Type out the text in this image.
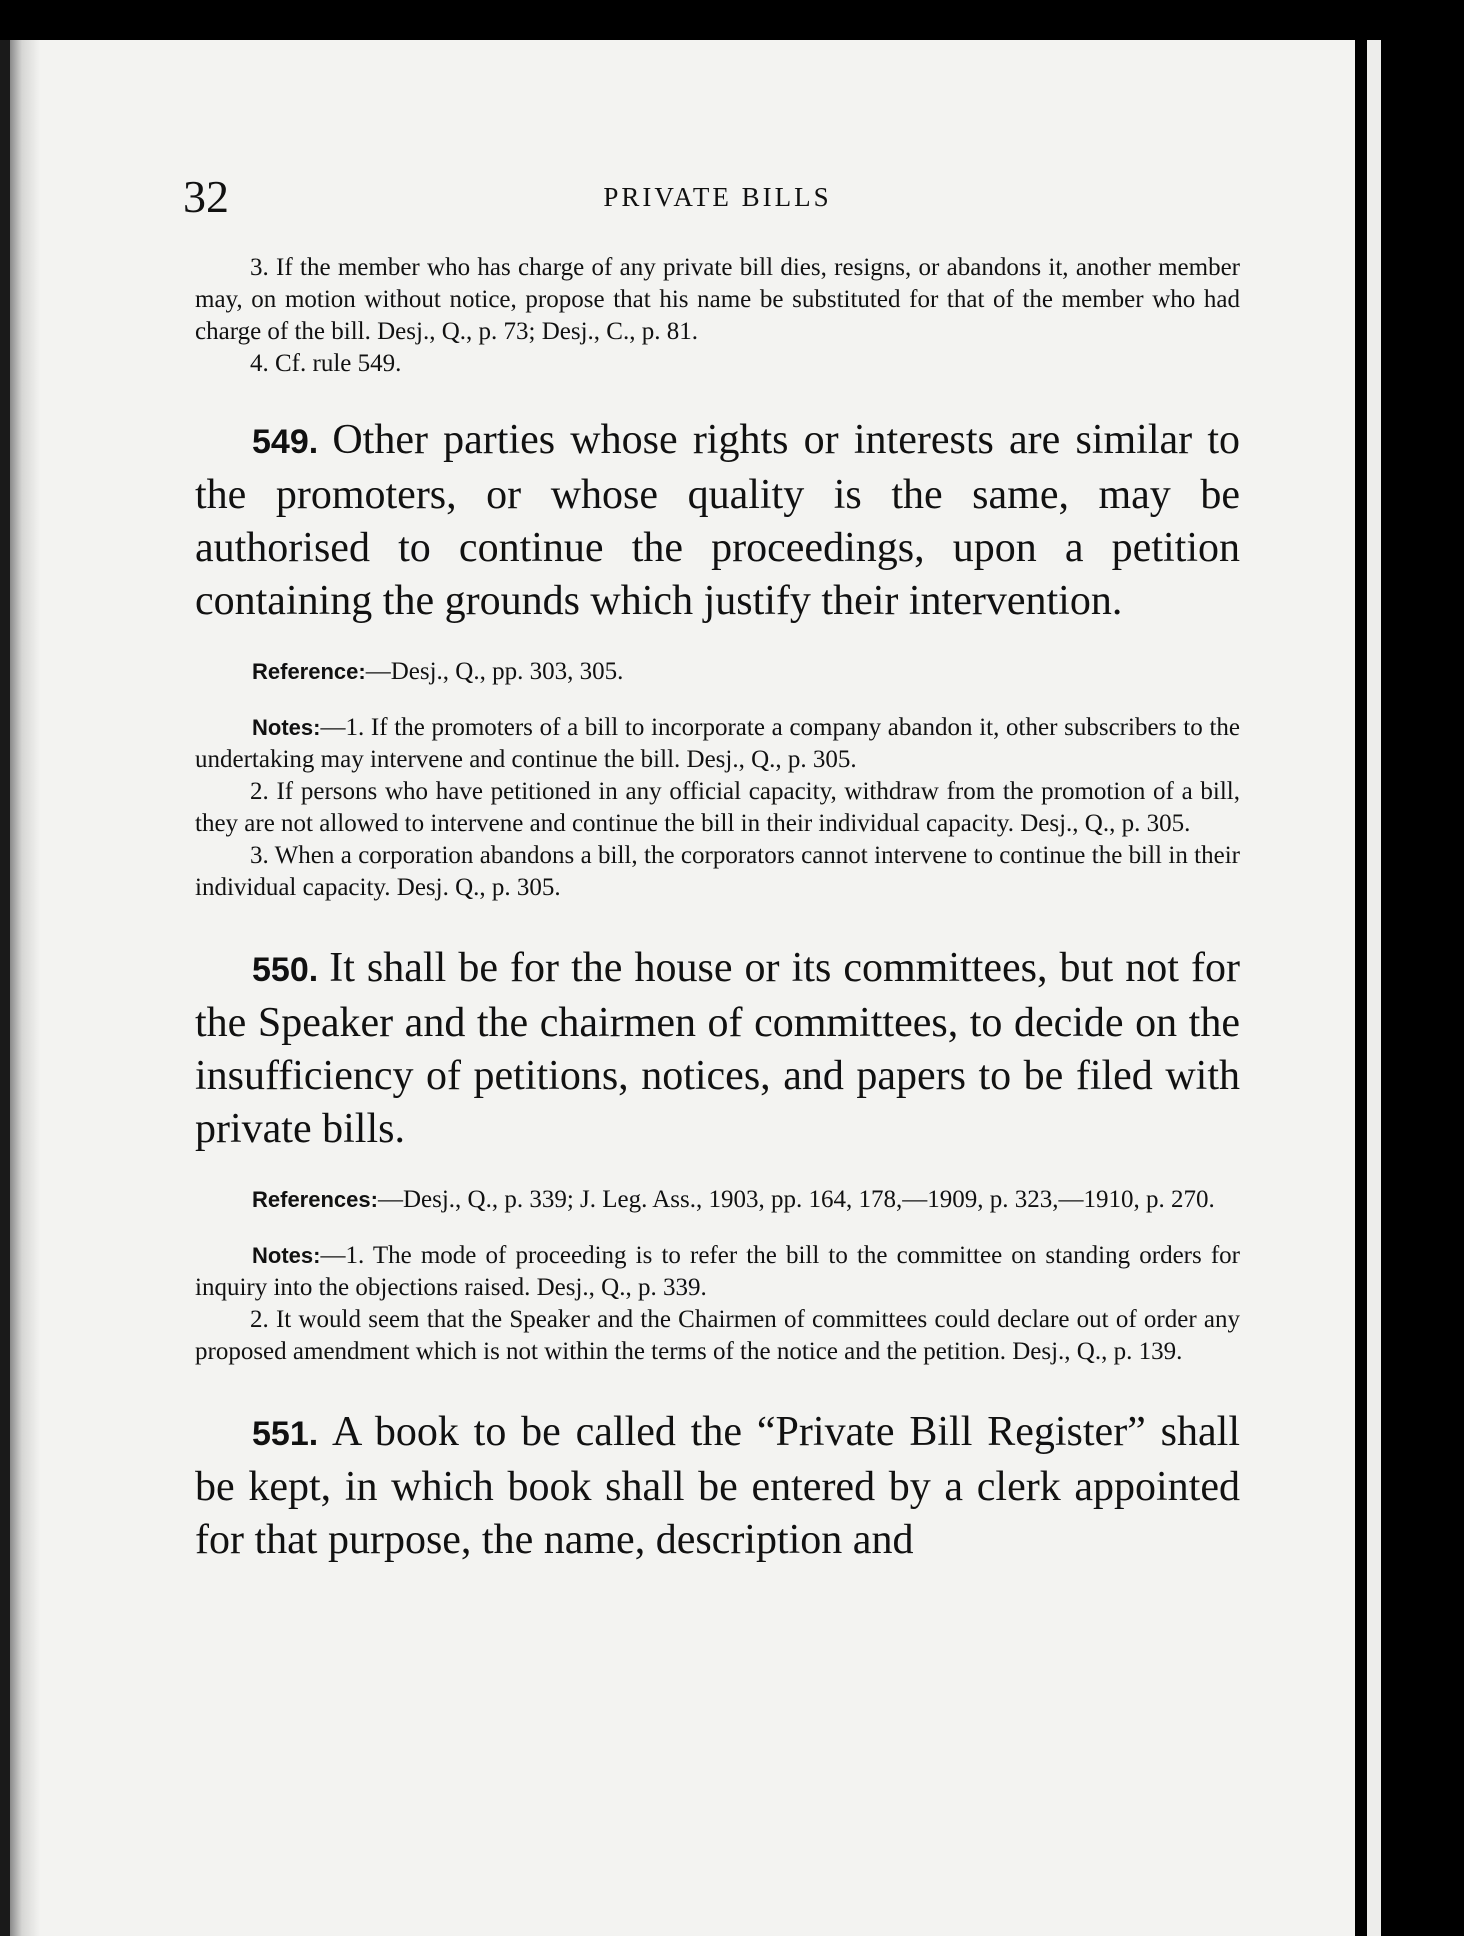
32	PRIVATE BILLS

3. If the member who has charge of any private bill dies, resigns, or abandons it, another member may, on motion without notice, propose that his name be substituted for that of the member who had charge of the bill. Desj., Q., p. 73; Desj., C., p. 81.

4. Cf. rule 549.

549. Other parties whose rights or interests are similar to the promoters, or whose quality is the same, may be authorised to continue the proceedings, upon a petition containing the grounds which justify their intervention.
Reference:—Desj., Q., pp. 303, 305.

Notes:—1. If the promoters of a bill to incorporate a company abandon it, other subscribers to the undertaking may intervene and continue the bill. Desj., Q., p. 305.

2. If persons who have petitioned in any official capacity, withdraw from the promotion of a bill, they are not allowed to intervene and continue the bill in their individual capacity. Desj., Q., p. 305.

3. When a corporation abandons a bill, the corporators cannot intervene to continue the bill in their individual capacity. Desj. Q., p. 305.

550. It shall be for the house or its committees, but not for the Speaker and the chairmen of committees, to decide on the insufficiency of petitions, notices, and papers to be filed with private bills.
References:—Desj., Q., p. 339; J. Leg. Ass., 1903, pp. 164, 178,—1909, p. 323,—1910, p. 270.

Notes:—1. The mode of proceeding is to refer the bill to the committee on standing orders for inquiry into the objections raised. Desj., Q., p. 339.

2. It would seem that the Speaker and the Chairmen of committees could declare out of order any proposed amendment which is not within the terms of the notice and the petition. Desj., Q., p. 139.

551. A book to be called the “Private Bill Register” shall be kept, in which book shall be entered by a clerk appointed for that purpose, the name, description and
